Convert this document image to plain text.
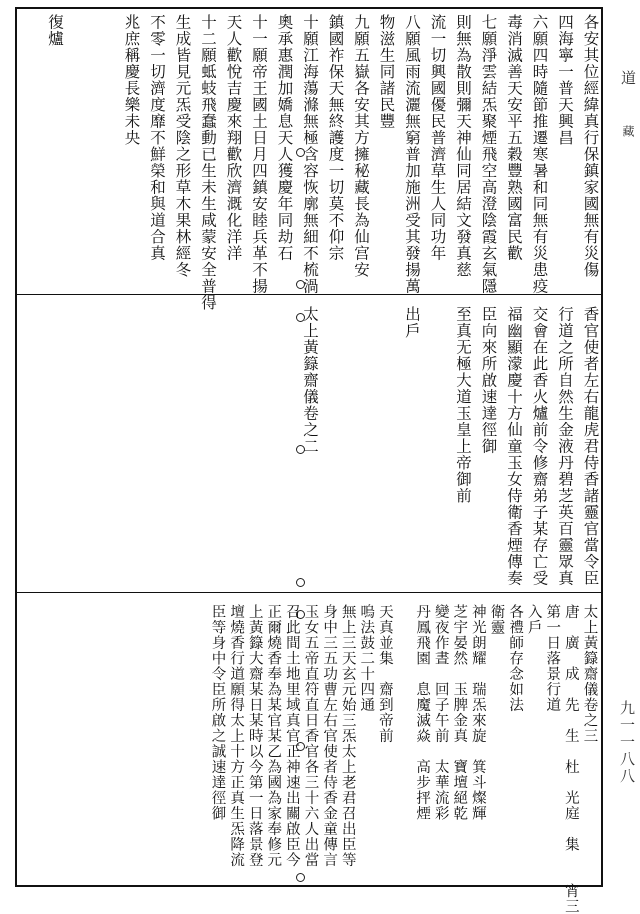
道
藏
九一一八八
各安其位經緯真行保鎮家國無有災傷
四海寧一普天興昌
六願四時隨節推遷寒暑和同無有災患疫
毒消滅善天安平五穀豐熟國富民歡
七願淨雲結炁聚煙飛空高澄陰霞玄氣隱
則無為散則彌天神仙同居結文發真慈
流一切興國優民普濟草生人同功年
八願風雨流灑無窮普加施洲受其發揚萬
物滋生同諸民豐
九願五嶽各安其方擁秘藏長為仙宫安
鎮國祚保天無終護度一切莫不仰宗
十願江海蕩滌無極含容恢廓無細不梳渦
奧承惠潤加嬌息天人獲慶年同劫石
十一願帝王國土日月四鎮安睦兵革不揚
天人歡悅吉慶來翔歡欣濟溉化洋洋
十二願蚳蚑飛蠢動已生未生咸蒙安全普得
生成皆見元炁受陰之形草木果林經冬
不零一切濟度靡不鮮榮和與道合真
兆庶稱慶長樂未央
復爐
香官使者左右龍虎君侍香諸靈官當令臣
行道之所自然生金液丹碧芝英百靈眾真
交會在此香火爐前令修齋弟子某存亡受
福幽顯濛慶十方仙童玉女侍衛香煙傳奏
臣向來所啟速達徑御
至真无極大道玉皇上帝御前
出戶
太上黃籙齋儀卷之二
太上黃籙齋儀卷之三
唐　廣　成　先　生　杜　光庭　集　　宵三
第一日落景行道
入戶
各禮師存念如法
衛靈
神光朗耀　瑞炁來旋　箕斗燦輝
芝宇晏然　玉脾金真　寶壇絕乾
變夜作晝　回子午前　太華流彩
丹鳳飛園　息魔滅焱　高步抨煙
天真並集　齋到帝前
嗚法鼓二十四通
無上三天玄元始三炁太上老君召出臣等
身中三五功曹左右官使者侍香金童傳言
玉女五帝直符直日香官各三十六人出當
召此間土地里域真官正神速出關啟臣今
正爾燒香奉為某官某乙為國為家奉修元
上黃籙大齋某日某時以今第一日落景登
壇燒香行道願得太上十方正真生炁降流
臣等身中令臣所啟之誠速達徑御
